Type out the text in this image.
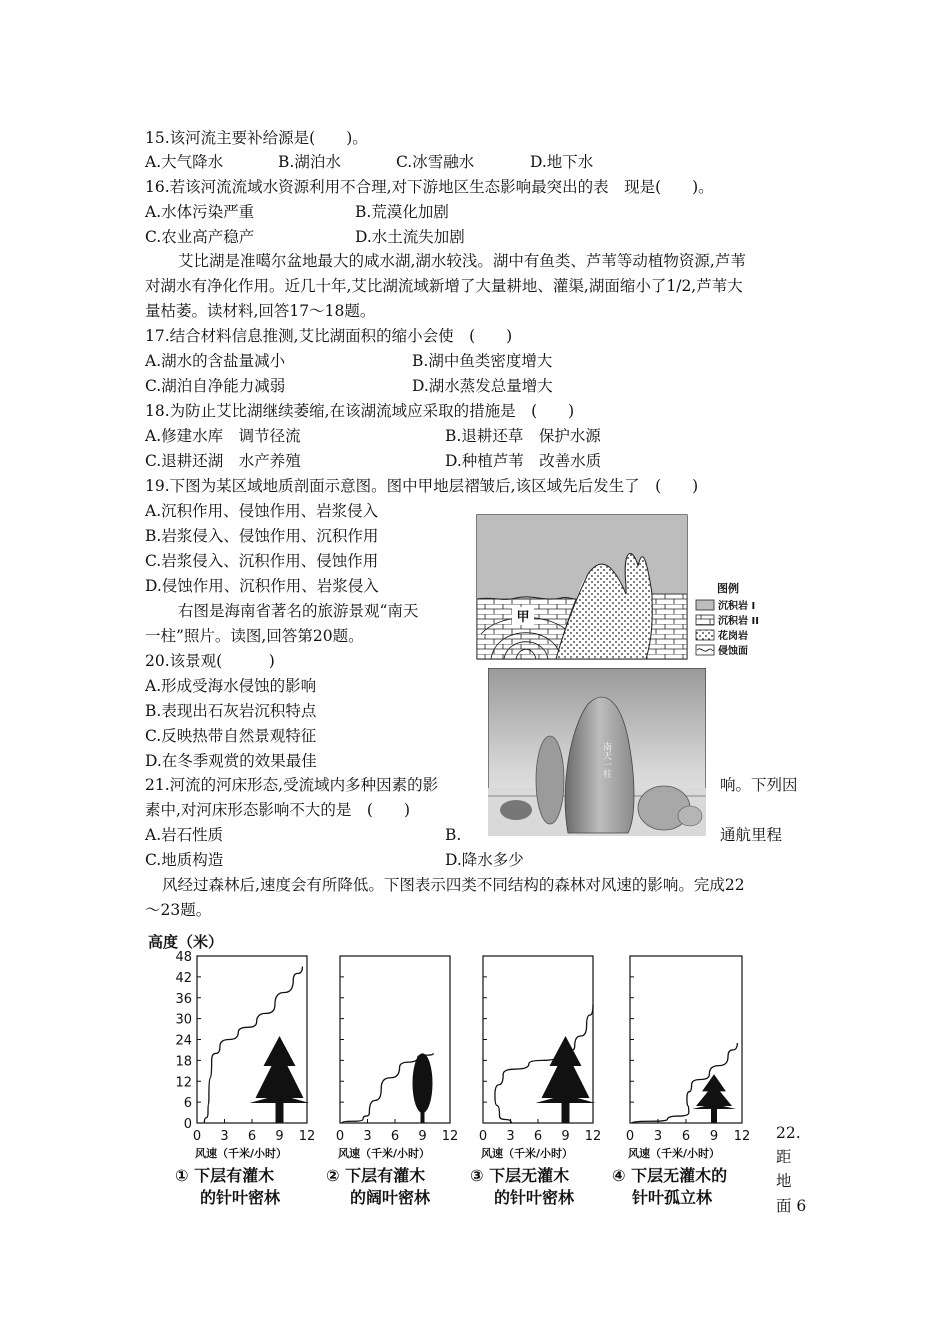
15.该河流主要补给源是(　　)。
A.大气降水	B.湖泊水	C.冰雪融水	D.地下水
16.若该河流流域水资源利用不合理,对下游地区生态影响最突出的表　现是(　　)。
A.水体污染严重	B.荒漠化加剧
C.农业高产稳产	D.水土流失加剧
艾比湖是准噶尔盆地最大的咸水湖,湖水较浅。湖中有鱼类、芦苇等动植物资源,芦苇
对湖水有净化作用。近几十年,艾比湖流域新增了大量耕地、灌渠,湖面缩小了1/2,芦苇大
量枯萎。读材料,回答17～18题。
17.结合材料信息推测,艾比湖面积的缩小会使　(　　)
A.湖水的含盐量减小	B.湖中鱼类密度增大
C.湖泊自净能力减弱	D.湖水蒸发总量增大
18.为防止艾比湖继续萎缩,在该湖流域应采取的措施是　(　　)
A.修建水库　调节径流	B.退耕还草　保护水源
C.退耕还湖　水产养殖	D.种植芦苇　改善水质
19.下图为某区域地质剖面示意图。图中甲地层褶皱后,该区域先后发生了　(　　)
A.沉积作用、侵蚀作用、岩浆侵入
B.岩浆侵入、侵蚀作用、沉积作用
C.岩浆侵入、沉积作用、侵蚀作用
D.侵蚀作用、沉积作用、岩浆侵入
右图是海南省著名的旅游景观“南天
一柱”照片。读图,回答第20题。
20.该景观(　　　)
A.形成受海水侵蚀的影响
B.表现出石灰岩沉积特点
C.反映热带自然景观特征
D.在冬季观赏的效果最佳
21.河流的河床形态,受流域内多种因素的影	响。下列因
素中,对河床形态影响不大的是　(　　)
A.岩石性质	B.	通航里程
C.地质构造	D.降水多少
风经过森林后,速度会有所降低。下图表示四类不同结构的森林对风速的影响。完成22
～23题。
22.
距
地
面 6
甲
图例
沉积岩 I
沉积岩 II
花岗岩
侵蚀面
南天一柱
高度（米）
48
42
36
30
24
18
12
6
0
0 3 6 9 12
风速（千米/小时）
0 3 6 9 12
风速（千米/小时）
0 3 6 9 12
风速（千米/小时）
0 3 6 9 12
风速（千米/小时）
① 下层有灌木
的针叶密林
② 下层有灌木
的阔叶密林
③ 下层无灌木
的针叶密林
④ 下层无灌木的
针叶孤立林
